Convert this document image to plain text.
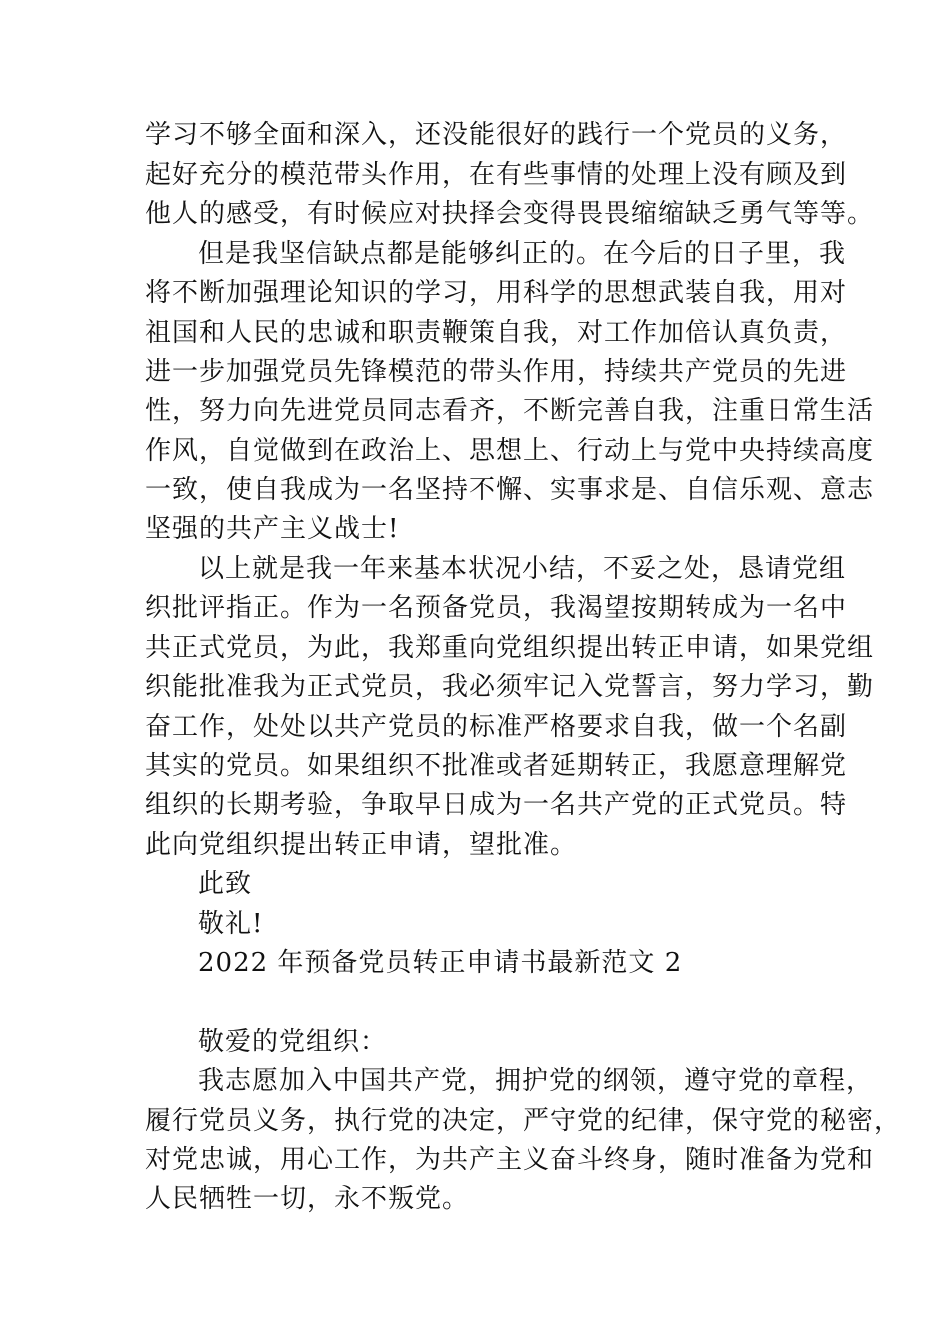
学习不够全面和深入，还没能很好的践行一个党员的义务，
起好充分的模范带头作用，在有些事情的处理上没有顾及到
他人的感受，有时候应对抉择会变得畏畏缩缩缺乏勇气等等。
但是我坚信缺点都是能够纠正的。在今后的日子里，我
将不断加强理论知识的学习，用科学的思想武装自我，用对
祖国和人民的忠诚和职责鞭策自我，对工作加倍认真负责，
进一步加强党员先锋模范的带头作用，持续共产党员的先进
性，努力向先进党员同志看齐，不断完善自我，注重日常生活
作风，自觉做到在政治上、思想上、行动上与党中央持续高度
一致，使自我成为一名坚持不懈、实事求是、自信乐观、意志
坚强的共产主义战士!
以上就是我一年来基本状况小结，不妥之处，恳请党组
织批评指正。作为一名预备党员，我渴望按期转成为一名中
共正式党员，为此，我郑重向党组织提出转正申请，如果党组
织能批准我为正式党员，我必须牢记入党誓言，努力学习，勤
奋工作，处处以共产党员的标准严格要求自我，做一个名副
其实的党员。如果组织不批准或者延期转正，我愿意理解党
组织的长期考验，争取早日成为一名共产党的正式党员。特
此向党组织提出转正申请，望批准。
此致
敬礼!
2022 年预备党员转正申请书最新范文 2
敬爱的党组织：
我志愿加入中国共产党，拥护党的纲领，遵守党的章程，
履行党员义务，执行党的决定，严守党的纪律，保守党的秘密，
对党忠诚，用心工作，为共产主义奋斗终身，随时准备为党和
人民牺牲一切，永不叛党。
